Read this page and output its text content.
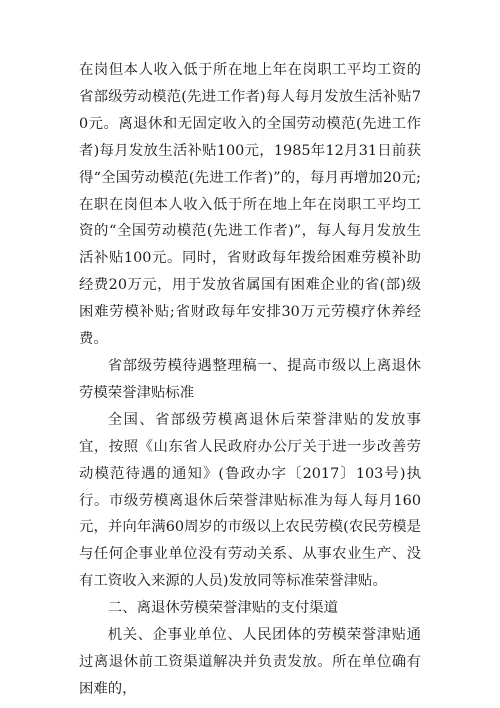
在岗但本人收入低于所在地上年在岗职工平均工资的省部级劳动模范(先进工作者)每人每月发放生活补贴70元。离退休和无固定收入的全国劳动模范(先进工作者)每月发放生活补贴100元，1985年12月31日前获得“全国劳动模范(先进工作者)”的，每月再增加20元;在职在岗但本人收入低于所在地上年在岗职工平均工资的“全国劳动模范(先进工作者)”，每人每月发放生活补贴100元。同时，省财政每年拨给困难劳模补助经费20万元，用于发放省属国有困难企业的省(部)级困难劳模补贴;省财政每年安排30万元劳模疗休养经费。

省部级劳模待遇整理稿一、提高市级以上离退休劳模荣誉津贴标准

全国、省部级劳模离退休后荣誉津贴的发放事宜，按照《山东省人民政府办公厅关于进一步改善劳动模范待遇的通知》(鲁政办字〔2017〕103号)执行。市级劳模离退休后荣誉津贴标准为每人每月160元，并向年满60周岁的市级以上农民劳模(农民劳模是与任何企事业单位没有劳动关系、从事农业生产、没有工资收入来源的人员)发放同等标准荣誉津贴。

二、离退休劳模荣誉津贴的支付渠道

机关、企事业单位、人民团体的劳模荣誉津贴通过离退休前工资渠道解决并负责发放。所在单位确有困难的，
